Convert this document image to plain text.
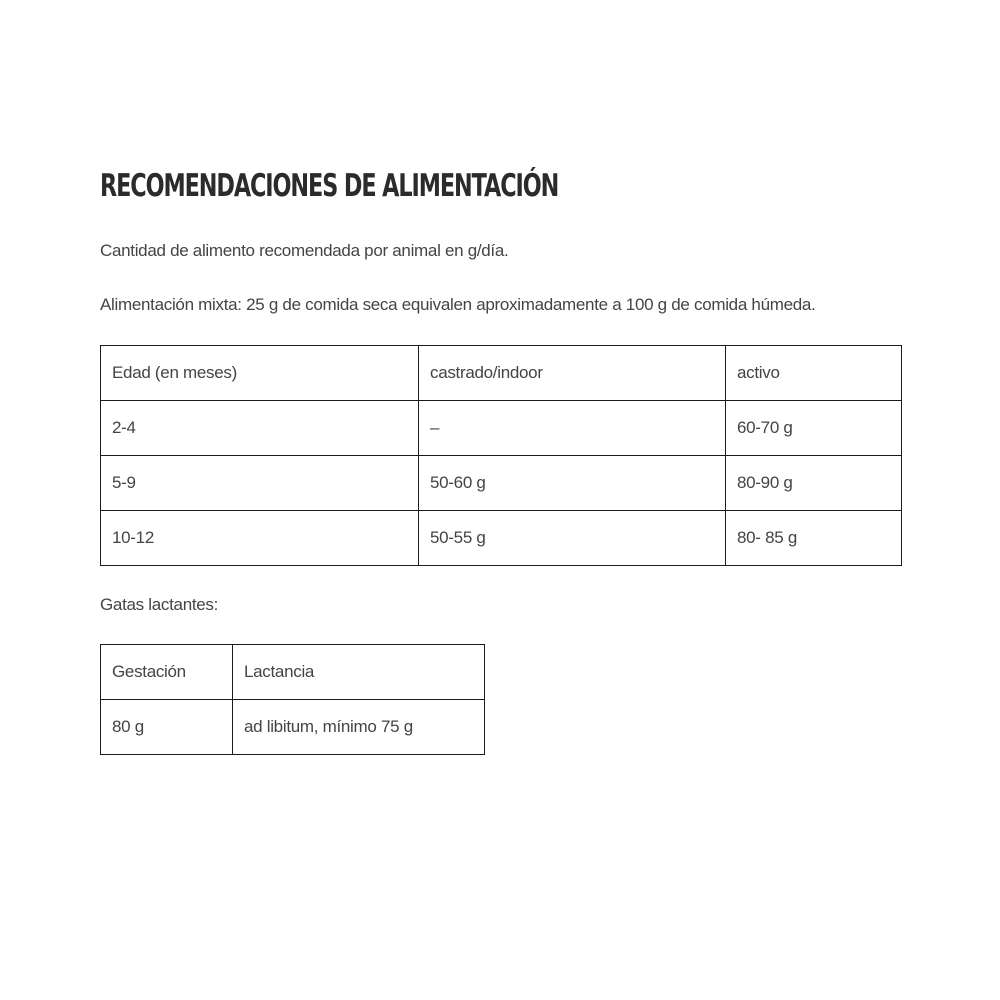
RECOMENDACIONES DE ALIMENTACIÓN

Cantidad de alimento recomendada por animal en g/día.

Alimentación mixta: 25 g de comida seca equivalen aproximadamente a 100 g de comida húmeda.

Edad (en meses)	castrado/indoor	activo
2-4	–	60-70 g
5-9	50-60 g	80-90 g
10-12	50-55 g	80- 85 g

Gatas lactantes:

Gestación	Lactancia
80 g	ad libitum, mínimo 75 g
